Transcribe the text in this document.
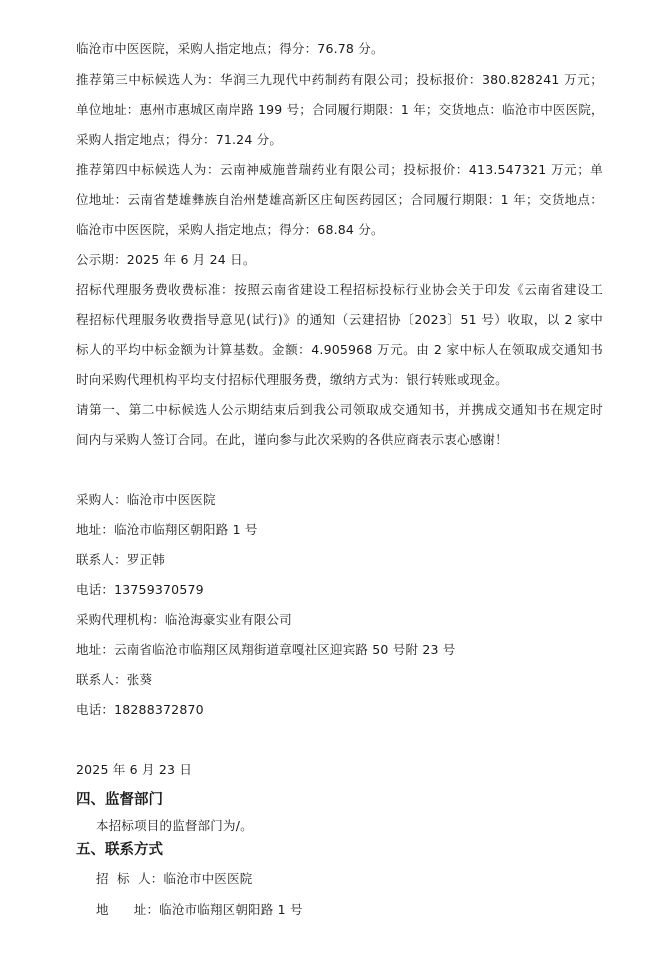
临沧市中医医院，采购人指定地点；得分：76.78 分。
推荐第三中标候选人为：华润三九现代中药制药有限公司；投标报价：380.828241 万元；
单位地址：惠州市惠城区南岸路 199 号；合同履行期限：1 年；交货地点：临沧市中医医院，
采购人指定地点；得分：71.24 分。
推荐第四中标候选人为：云南神威施普瑞药业有限公司；投标报价：413.547321 万元；单
位地址：云南省楚雄彝族自治州楚雄高新区庄甸医药园区；合同履行期限：1 年；交货地点：
临沧市中医医院，采购人指定地点；得分：68.84 分。
公示期：2025 年 6 月 24 日。
招标代理服务费收费标准：按照云南省建设工程招标投标行业协会关于印发《云南省建设工
程招标代理服务收费指导意见(试行)》的通知（云建招协〔2023〕51 号）收取，以 2 家中
标人的平均中标金额为计算基数。金额：4.905968 万元。由 2 家中标人在领取成交通知书
时向采购代理机构平均支付招标代理服务费，缴纳方式为：银行转账或现金。
请第一、第二中标候选人公示期结束后到我公司领取成交通知书，并携成交通知书在规定时
间内与采购人签订合同。在此，谨向参与此次采购的各供应商表示衷心感谢！
采购人：临沧市中医医院
地址：临沧市临翔区朝阳路 1 号
联系人：罗正韩
电话：13759370579
采购代理机构：临沧海豪实业有限公司
地址：云南省临沧市临翔区凤翔街道章嘎社区迎宾路 50 号附 23 号
联系人：张葵
电话：18288372870
2025 年 6 月 23 日
四、监督部门
本招标项目的监督部门为/。
五、联系方式
招  标  人：临沧市中医医院
地      址：临沧市临翔区朝阳路 1 号
